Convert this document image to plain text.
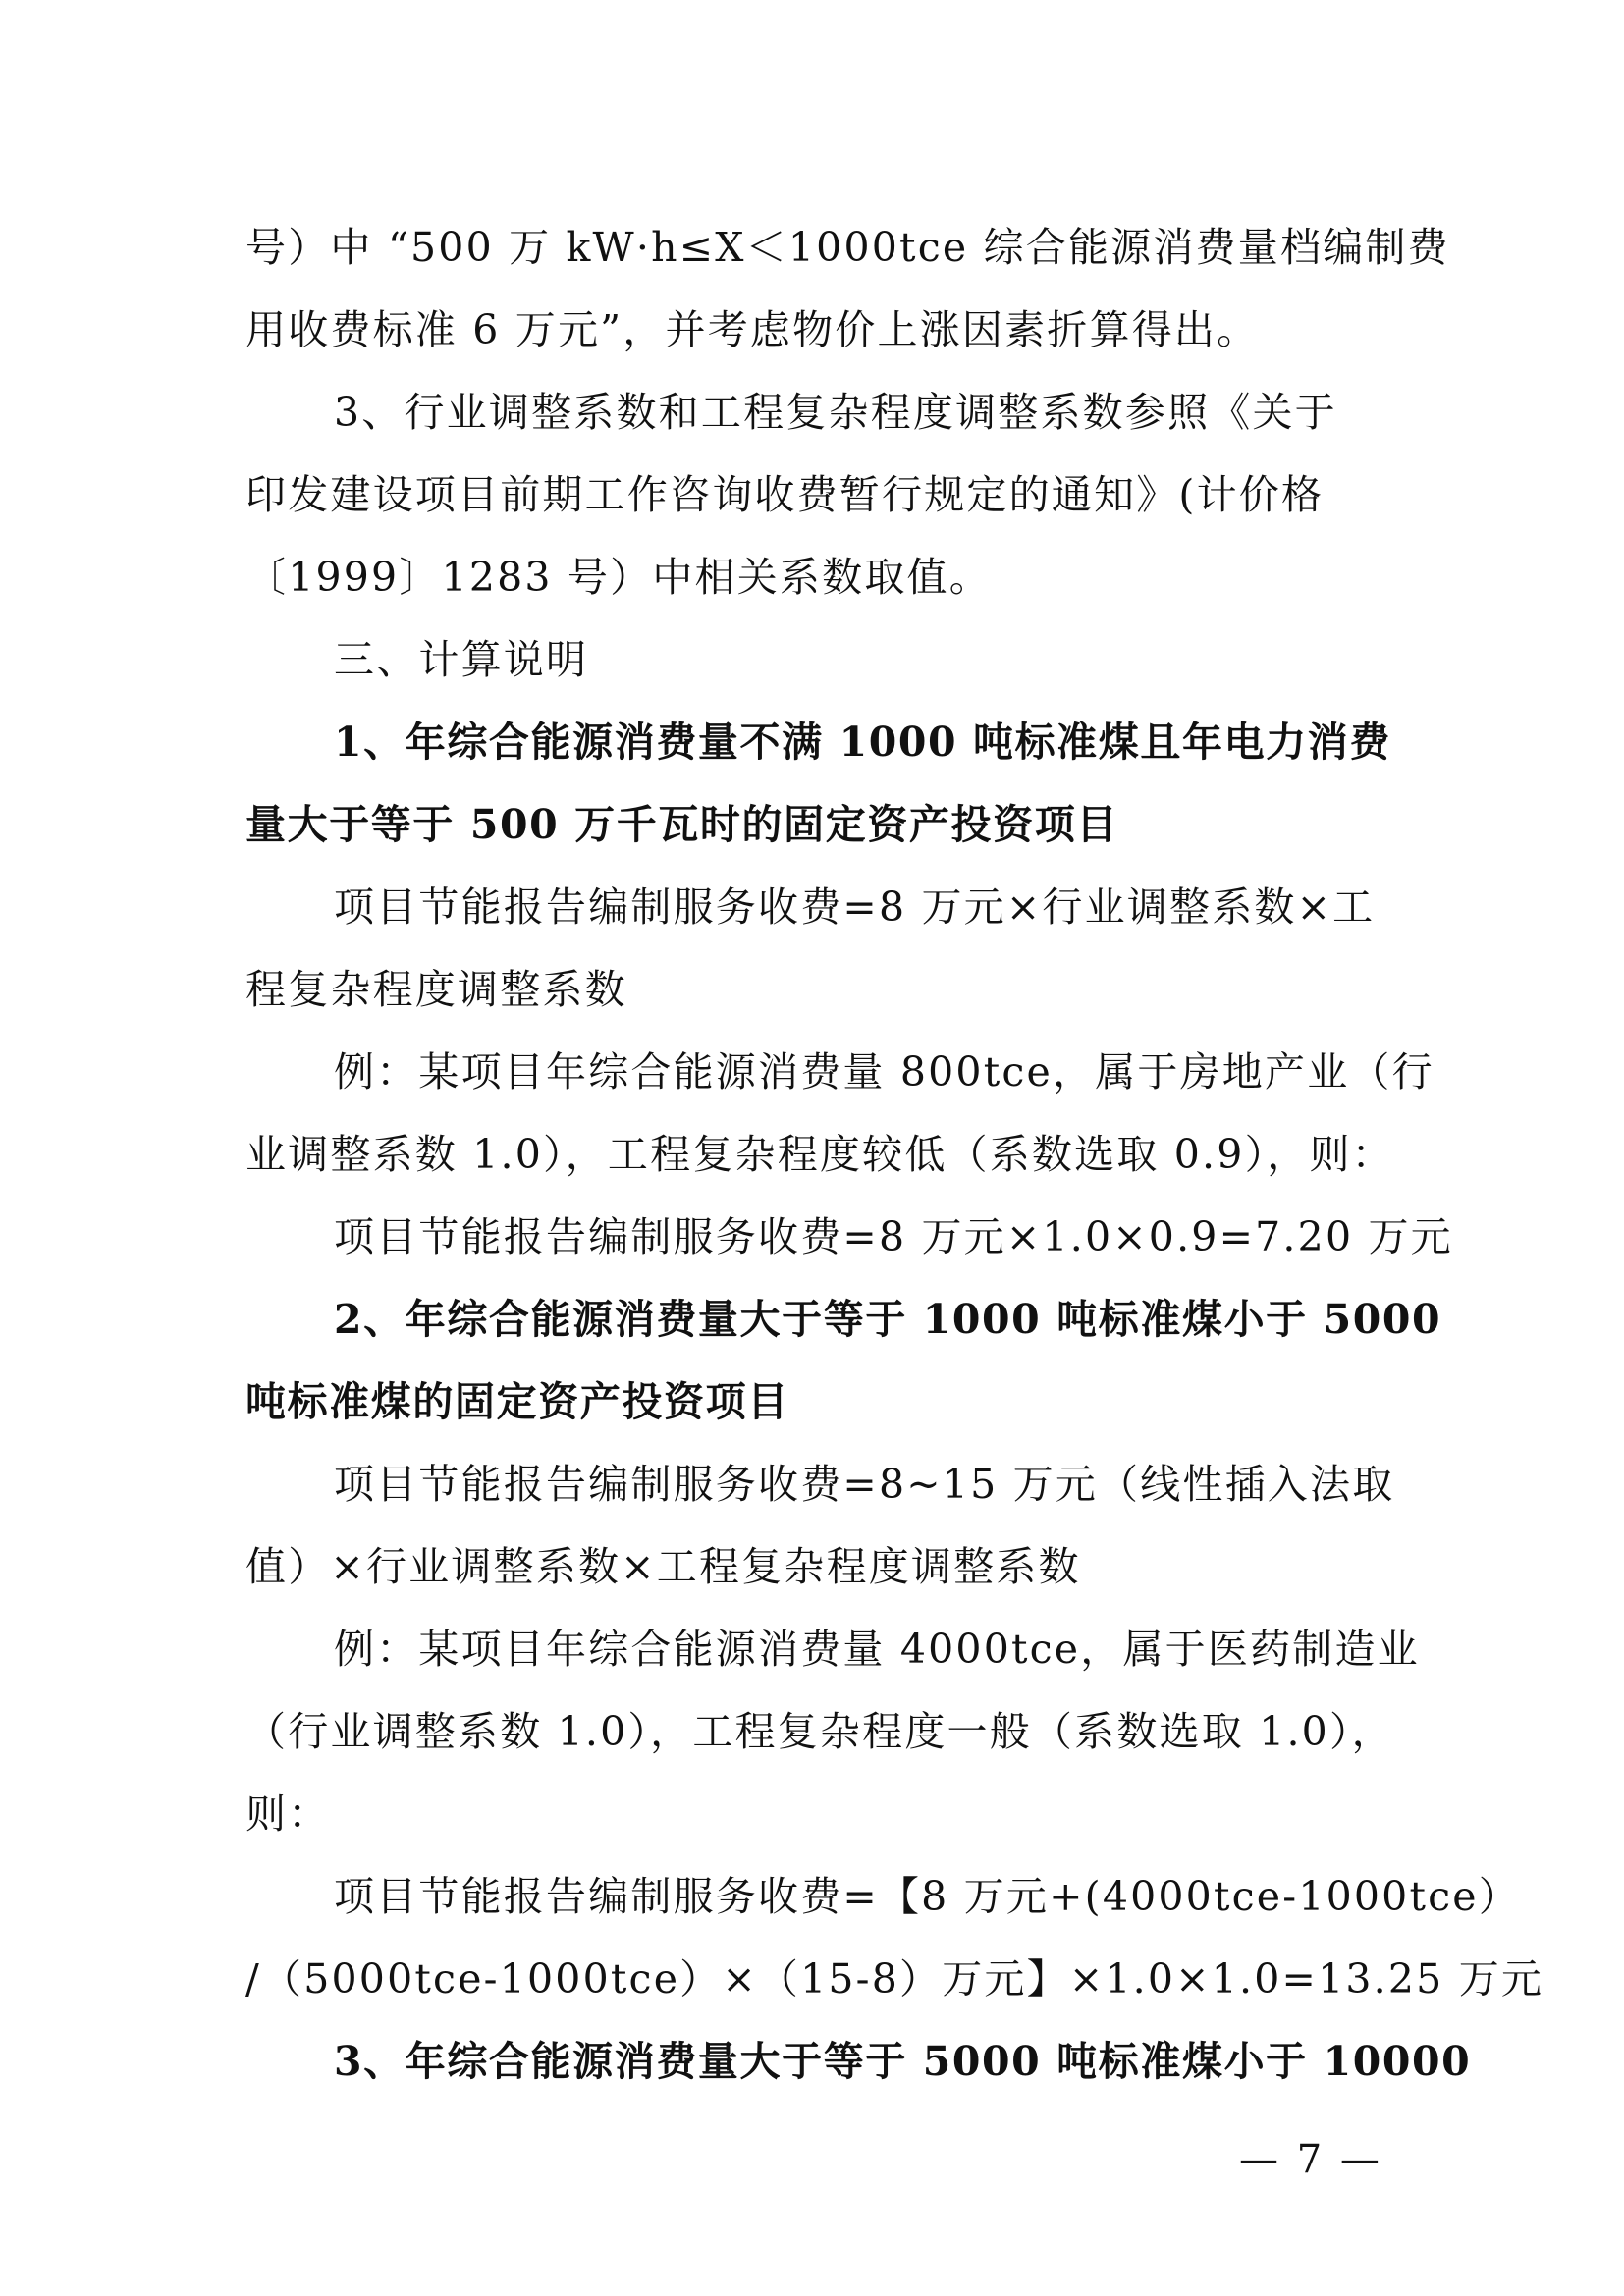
号）中 “500 万 kW·h≤X＜1000tce 综合能源消费量档编制费

用收费标准 6 万元”，并考虑物价上涨因素折算得出。

3、行业调整系数和工程复杂程度调整系数参照《关于

印发建设项目前期工作咨询收费暂行规定的通知》(计价格

〔1999〕1283 号）中相关系数取值。

三、计算说明

1、年综合能源消费量不满 1000 吨标准煤且年电力消费

量大于等于 500 万千瓦时的固定资产投资项目

项目节能报告编制服务收费=8 万元×行业调整系数×工

程复杂程度调整系数

例：某项目年综合能源消费量 800tce，属于房地产业（行

业调整系数 1.0），工程复杂程度较低（系数选取 0.9），则：

项目节能报告编制服务收费=8 万元×1.0×0.9=7.20 万元

2、年综合能源消费量大于等于 1000 吨标准煤小于 5000

吨标准煤的固定资产投资项目

项目节能报告编制服务收费=8~15 万元（线性插入法取

值）×行业调整系数×工程复杂程度调整系数

例：某项目年综合能源消费量 4000tce，属于医药制造业

（行业调整系数 1.0），工程复杂程度一般（系数选取 1.0），

则：

项目节能报告编制服务收费=【8 万元+(4000tce-1000tce）

/（5000tce-1000tce）×（15-8）万元】×1.0×1.0=13.25 万元

3、年综合能源消费量大于等于 5000 吨标准煤小于 10000

— 7 —
